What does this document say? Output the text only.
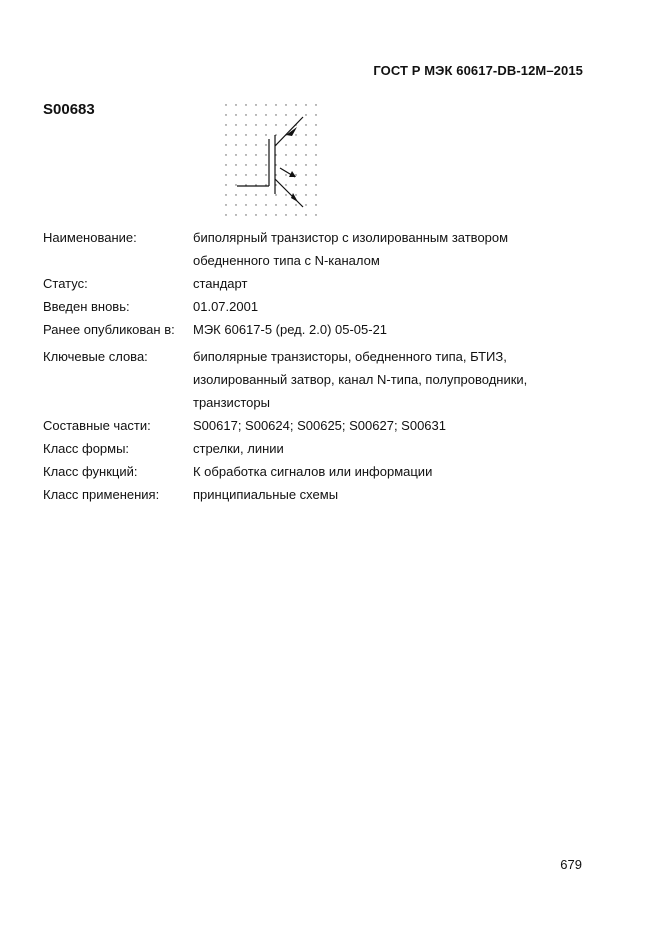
ГОСТ Р МЭК 60617-DB-12M–2015
S00683
Наименование:	биполярный транзистор с изолированным затвором
обедненного типа с N-каналом
Статус:	стандарт
Введен вновь:	01.07.2001
Ранее опубликован в:	МЭК 60617-5 (ред. 2.0) 05-05-21
Ключевые слова:	биполярные транзисторы, обедненного типа, БТИЗ,
изолированный затвор, канал N-типа, полупроводники,
транзисторы
Составные части:	S00617; S00624; S00625; S00627; S00631
Класс формы:	стрелки, линии
Класс функций:	К обработка сигналов или информации
Класс применения:	принципиальные схемы
679
